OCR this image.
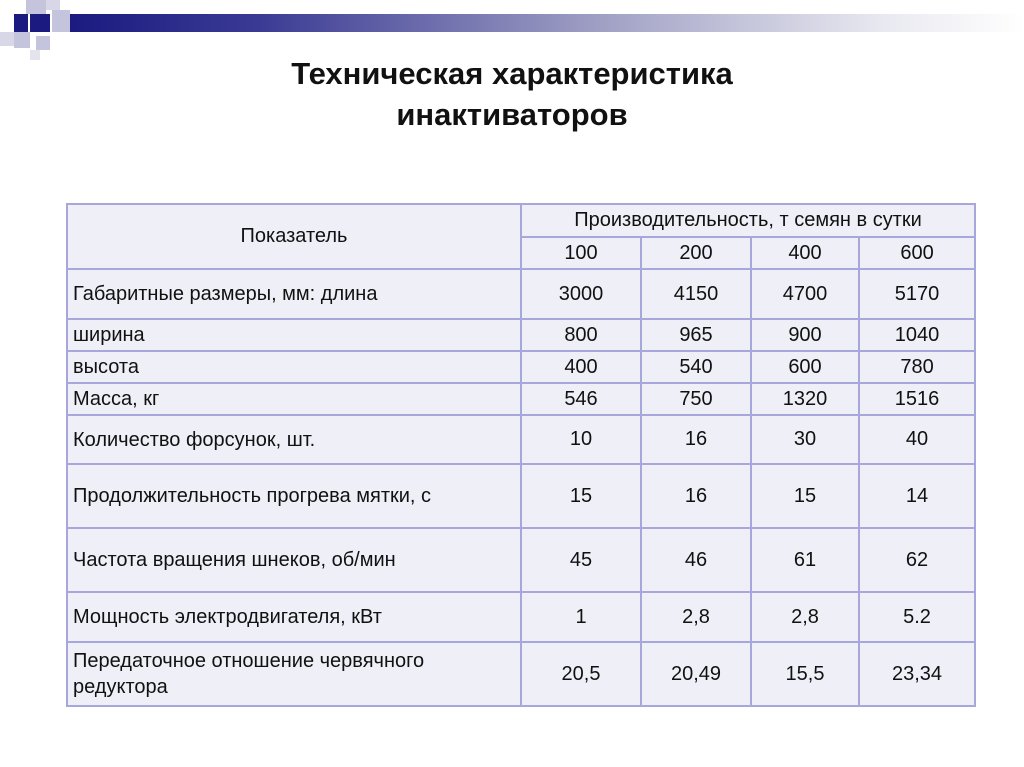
Техническая характеристика
инактиваторов
Показатель	Производительность, т семян в сутки			
	100	200	400	600
Габаритные размеры, мм: длина	3000	4150	4700	5170
ширина	800	965	900	1040
высота	400	540	600	780
Масса, кг	546	750	1320	1516
Количество форсунок, шт.	10	16	30	40
Продолжительность прогрева мятки, с	15	16	15	14
Частота вращения шнеков, об/мин	45	46	61	62
Мощность электродвигателя, кВт	1	2,8	2,8	5.2
Передаточное отношение червячного редуктора	20,5	20,49	15,5	23,34
